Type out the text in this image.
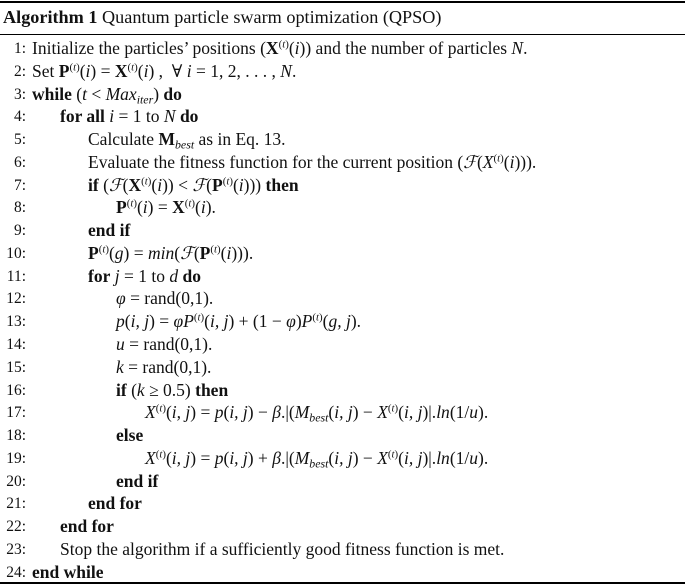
Algorithm 1 Quantum particle swarm optimization (QPSO)
1: Initialize the particles’ positions $(X^{(t)}(i))$ and the number of particles N.
2: Set $P^{(t)}(i) = X^{(t)}(i)$ ,  ∀ i = 1, 2, . . . , N.
3: while (t < Max$_{iter}$) do
4: for all i = 1 to N do
5:	Calculate $M_{best}$ as in Eq. 13.
6:	Evaluate the fitness function for the current position $(ℱ(X^{(t)}(i)))$.
7:	if ($ℱ(X^{(t)}(i))$ < $ℱ(P^{(t)}(i))$) then
8:	$P^{(t)}(i) = X^{(t)}(i)$.
9:	end if
10:	$P^{(t)}(g)$ = $\min(ℱ(P^{(t)}(i)))$.
11:	for j = 1 to d do
12:	φ = rand(0,1).
13:	p(i, $j) = \varphi P^{(t)}(i$, $j) + (1 - \varphi)P^{(t)}(g$, j).
14:	u = rand(0,1).
15:	k = rand(0,1).
16:	if (k ≥ 0.5) then
17:	$X^{(t)}(i$, j) = p(i, $j) - \beta.|(M_{best}(i$, $j) - X^{(t)}(i$, j)|.ln(1/u).
18:	else
19:	$X^{(t)}(i$, j) = p(i, $j) + \beta.|(M_{best}(i$, $j) - X^{(t)}(i$, j)|.ln(1/u).
20:	end if
21:	end for
22: end for
23: Stop the algorithm if a sufficiently good fitness function is met.
24: end while
